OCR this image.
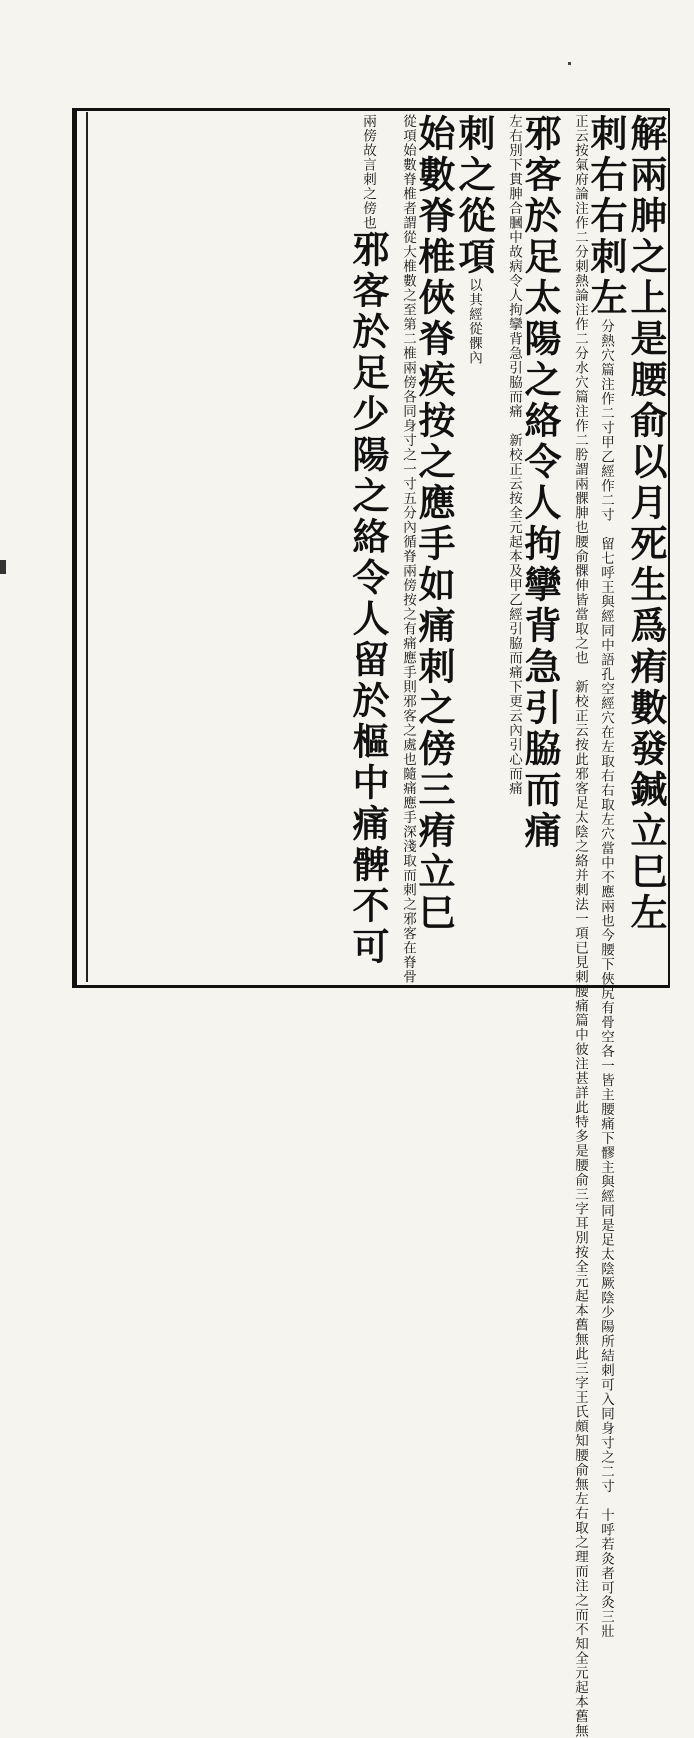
解兩胂之上是腰俞以月死生爲痏數發鍼立巳左
刺右右刺左分熱穴篇注作二寸甲乙經作二寸　留七呼王與經同中語孔空經穴在左取右右取左穴當中不應兩也今腰下俠尻有骨空各一皆主腰痛下髎主與經同是足太陰厥陰少陽所結刺可入同身寸之二寸　十呼若灸者可灸三壯
正云按氣府論注作二分刺熱論注作二分水穴篇注作二肹謂兩髁胂也腰俞髁伸皆當取之也　新校正云按此邪客足太陰之絡并刺法一項已見刺腰痛篇中彼注甚詳此特多是腰俞三字耳別按全元起本舊無此三字王氏頗知腰俞無左右取之理而注之而不知全元起本舊無
邪客於足太陽之絡令人拘攣背急引脇而痛
左右別下貫胂合膕中故病令人拘攣背急引脇而痛　新校正云按全元起本及甲乙經引脇而痛下更云內引心而痛
刺之從項以其經從髁內
始數脊椎俠脊疾按之應手如痛刺之傍三痏立巳
從項始數脊椎者謂從大椎數之至第二椎兩傍各同身寸之一寸五分內循脊兩傍按之有痛應手則邪客之處也隨痛應手深淺取而刺之邪客在脊骨
兩傍故言刺之傍也邪客於足少陽之絡令人留於樞中痛髀不可
